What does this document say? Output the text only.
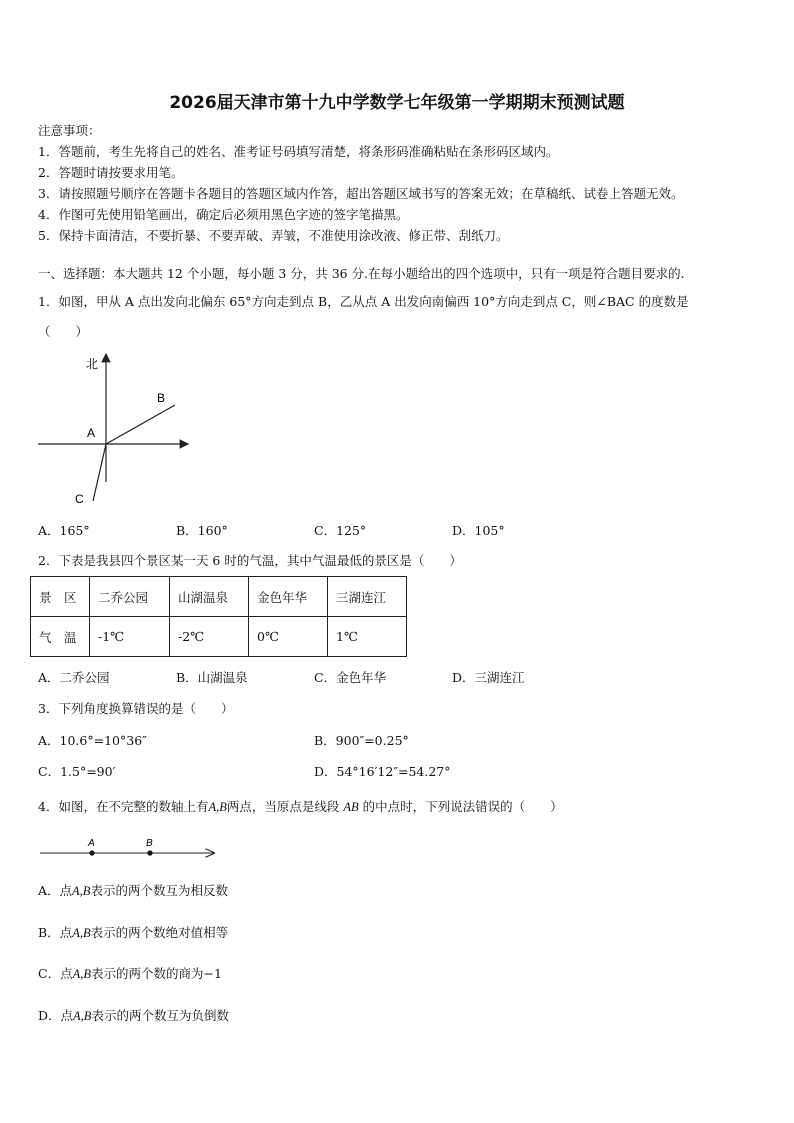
2026届天津市第十九中学数学七年级第一学期期末预测试题
注意事项：
1．答题前，考生先将自己的姓名、准考证号码填写清楚，将条形码准确粘贴在条形码区域内。
2．答题时请按要求用笔。
3．请按照题号顺序在答题卡各题目的答题区域内作答，超出答题区域书写的答案无效；在草稿纸、试卷上答题无效。
4．作图可先使用铅笔画出，确定后必须用黑色字迹的签字笔描黑。
5．保持卡面清洁，不要折暴、不要弄破、弄皱，不准使用涂改液、修正带、刮纸刀。
一、选择题：本大题共 12 个小题，每小题 3 分，共 36 分.在每小题给出的四个选项中，只有一项是符合题目要求的.
1．如图，甲从 A 点出发向北偏东 65°方向走到点 B，乙从点 A 出发向南偏西 10°方向走到点 C，则∠BAC 的度数是
（　　）
北
A
B
C
A．165°	B．160°	C．125°	D．105°
2．下表是我县四个景区某一天 6 时的气温，其中气温最低的景区是（　　）
景　区	二乔公园	山湖温泉	金色年华	三湖连江
气　温	-1℃	-2℃	0℃	1℃
A．二乔公园	B．山湖温泉	C．金色年华	D．三湖连江
3．下列角度换算错误的是（　　）
A．10.6°=10°36″	B．900″=0.25°
C．1.5°=90′	D．54°16′12″=54.27°
4．如图，在不完整的数轴上有A,B两点，当原点是线段 AB 的中点时，下列说法错误的（　　）
A	B
A．点A,B表示的两个数互为相反数
B．点A,B表示的两个数绝对值相等
C．点A,B表示的两个数的商为−1
D．点A,B表示的两个数互为负倒数
